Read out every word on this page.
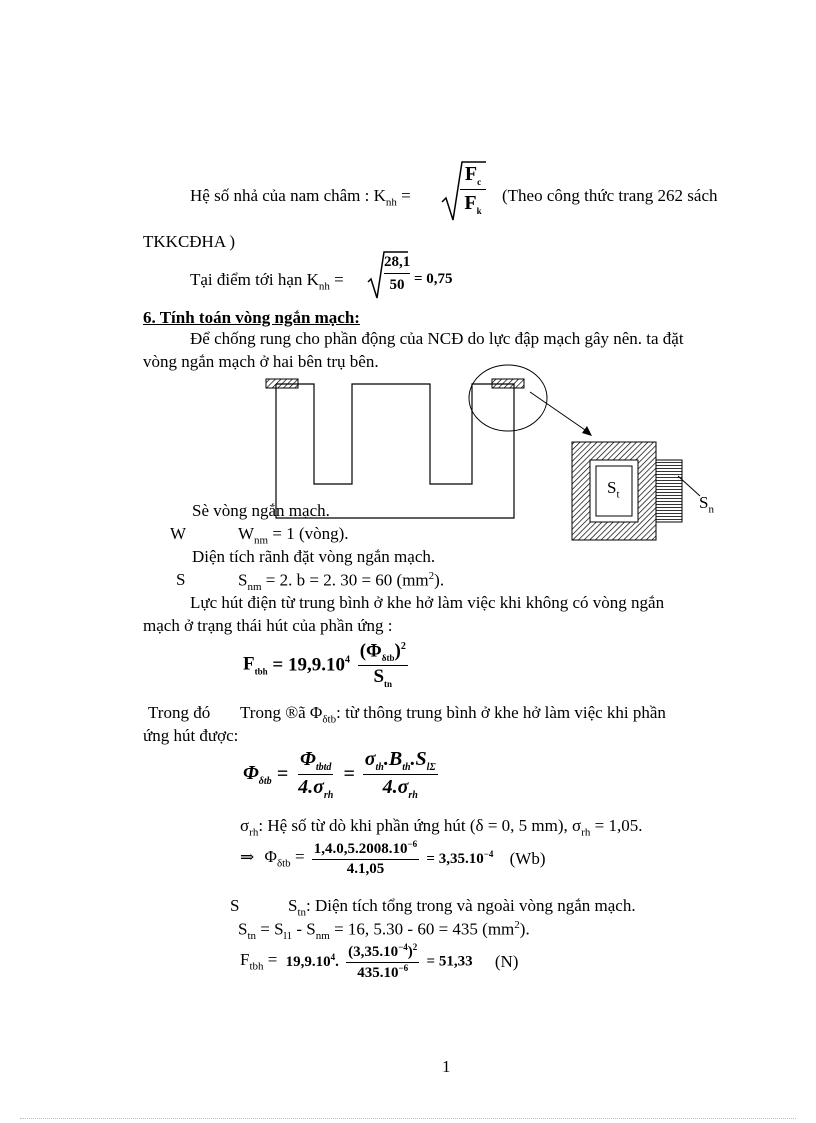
Hệ số nhả của nam châm : $K_{nh}$ =
$F_c$
$F_k$
(Theo công thức trang 262 sách
TKKCĐHA )
Tại điểm tới hạn $K_{nh}$ =	$\frac{28,1}{50} = 0,75$
6. Tính toán vòng ngắn mạch:
Để chống rung cho phần động của NCĐ do lực đập mạch gây nên. ta đặt
vòng ngắn mạch ở hai bên trụ bên.
$S_t$	$S_n$
Sè vòng ngắn mạch.
W	$W_{nm} = 1$ (vòng).
Diện tích rãnh đặt vòng ngắn mạch.
S	$S_{nm} = 2$. b = 2. 30 = 60 $(mm^2)$.
Lực hút điện từ trung bình ở khe hở làm việc khi không có vòng ngắn
mạch ở trạng thái hút của phần ứng :
$F_{tbh} = 19,9.10^4 \frac{(\Phi_{\delta tb})^2}{S_{tn}}$
Trong đó Trong ®ã $\Phi_{\delta tb}$: từ thông trung bình ở khe hở làm việc khi phần
ứng hút được:
$\Phi_{\delta tb} = \frac{\Phi_{tbtd}}{4.\sigma_{rh}} = \frac{\sigma_{th}.B_{th}.S_{l\Sigma}}{4.\sigma_{rh}}$
$\sigma_{rh}$: Hệ số từ dò khi phần ứng hút (δ = 0, 5 mm), $\sigma_{rh} = 1,05$.
⇒ $\Phi_{\delta tb} = \frac{1,4.0,5.2008.10^{-6}}{4.1,05} = 3,35.10^{-4}$ (Wb)
S	$S_{tn}$: Diện tích tổng trong và ngoài vòng ngắn mạch.
$S_{tn} = S_{l1} - S_{nm} = 16$, 5.30 - 60 = 435 $(mm^2)$.
$F_{tbh} = 19,9.10^4$. $\frac{(3,35.10^{-4})^2}{435.10^{-6}} = 51,33$ (N)
1
